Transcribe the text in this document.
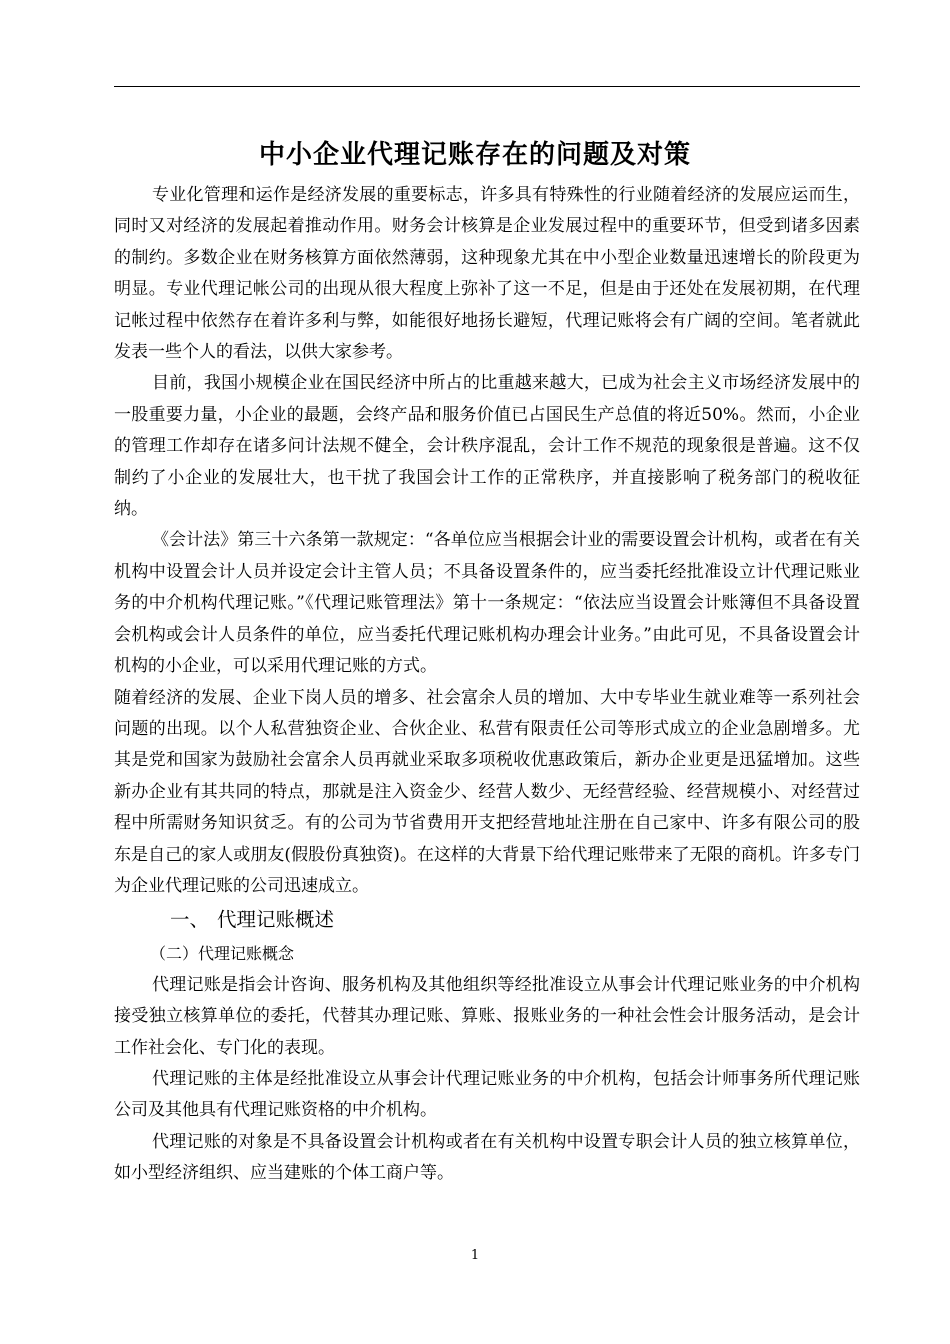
中小企业代理记账存在的问题及对策

专业化管理和运作是经济发展的重要标志，许多具有特殊性的行业随着经济的发展应运而生，同时又对经济的发展起着推动作用。财务会计核算是企业发展过程中的重要环节，但受到诸多因素的制约。多数企业在财务核算方面依然薄弱，这种现象尤其在中小型企业数量迅速增长的阶段更为明显。专业代理记帐公司的出现从很大程度上弥补了这一不足，但是由于还处在发展初期，在代理记帐过程中依然存在着许多利与弊，如能很好地扬长避短，代理记账将会有广阔的空间。笔者就此发表一些个人的看法，以供大家参考。

目前，我国小规模企业在国民经济中所占的比重越来越大，已成为社会主义市场经济发展中的一股重要力量，小企业的最题，会终产品和服务价值已占国民生产总值的将近50%。然而，小企业的管理工作却存在诸多问计法规不健全，会计秩序混乱，会计工作不规范的现象很是普遍。这不仅制约了小企业的发展壮大，也干扰了我国会计工作的正常秩序，并直接影响了税务部门的税收征纳。

《会计法》第三十六条第一款规定：“各单位应当根据会计业的需要设置会计机构，或者在有关机构中设置会计人员并设定会计主管人员；不具备设置条件的，应当委托经批准设立计代理记账业务的中介机构代理记账。”《代理记账管理法》第十一条规定：“依法应当设置会计账簿但不具备设置会机构或会计人员条件的单位，应当委托代理记账机构办理会计业务。”由此可见，不具备设置会计机构的小企业，可以采用代理记账的方式。

随着经济的发展、企业下岗人员的增多、社会富余人员的增加、大中专毕业生就业难等一系列社会问题的出现。以个人私营独资企业、合伙企业、私营有限责任公司等形式成立的企业急剧增多。尤其是党和国家为鼓励社会富余人员再就业采取多项税收优惠政策后，新办企业更是迅猛增加。这些新办企业有其共同的特点，那就是注入资金少、经营人数少、无经营经验、经营规模小、对经营过程中所需财务知识贫乏。有的公司为节省费用开支把经营地址注册在自己家中、许多有限公司的股东是自己的家人或朋友(假股份真独资)。在这样的大背景下给代理记账带来了无限的商机。许多专门为企业代理记账的公司迅速成立。

一、 代理记账概述

（二）代理记账概念

代理记账是指会计咨询、服务机构及其他组织等经批准设立从事会计代理记账业务的中介机构接受独立核算单位的委托，代替其办理记账、算账、报账业务的一种社会性会计服务活动，是会计工作社会化、专门化的表现。

代理记账的主体是经批准设立从事会计代理记账业务的中介机构，包括会计师事务所代理记账公司及其他具有代理记账资格的中介机构。

代理记账的对象是不具备设置会计机构或者在有关机构中设置专职会计人员的独立核算单位，如小型经济组织、应当建账的个体工商户等。

1
